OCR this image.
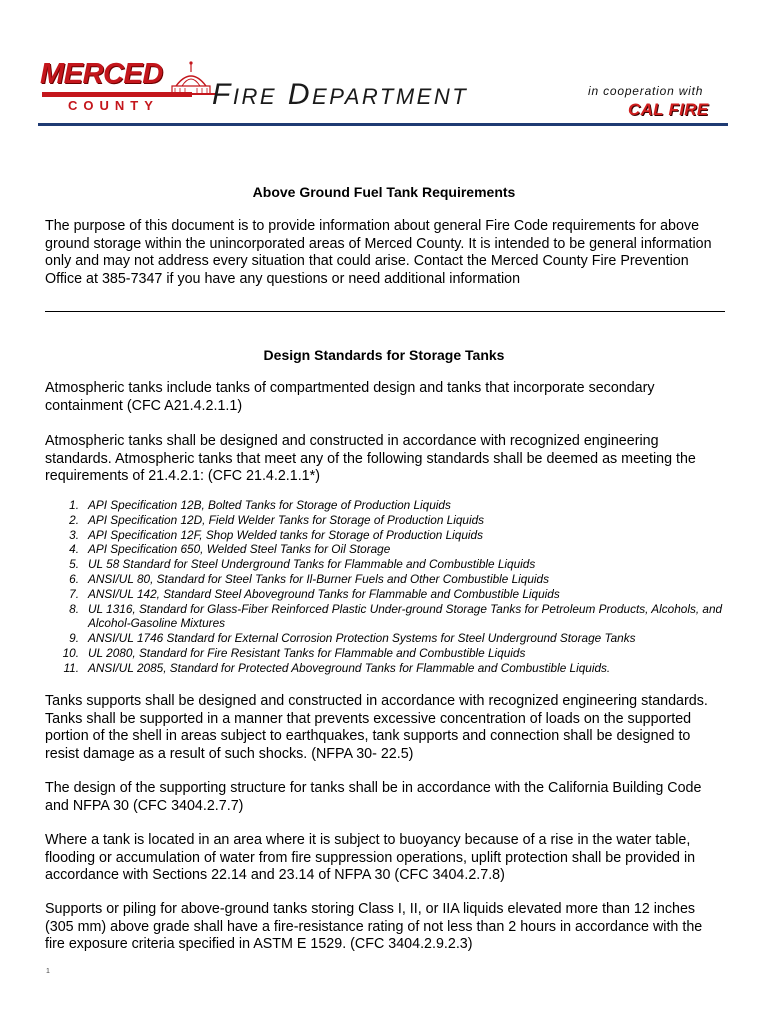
MERCED
COUNTY FIRE DEPARTMENT	in cooperation with
CAL FIRE
Above Ground Fuel Tank Requirements

The purpose of this document is to provide information about general Fire Code requirements for above ground storage within the unincorporated areas of Merced County. It is intended to be general information only and may not address every situation that could arise. Contact the Merced County Fire Prevention Office at 385-7347 if you have any questions or need additional information

Design Standards for Storage Tanks

Atmospheric tanks include tanks of compartmented design and tanks that incorporate secondary containment (CFC A21.4.2.1.1)

Atmospheric tanks shall be designed and constructed in accordance with recognized engineering standards. Atmospheric tanks that meet any of the following standards shall be deemed as meeting the requirements of 21.4.2.1: (CFC 21.4.2.1.1*)

1. API Specification 12B, Bolted Tanks for Storage of Production Liquids
2. API Specification 12D, Field Welder Tanks for Storage of Production Liquids
3. API Specification 12F, Shop Welded tanks for Storage of Production Liquids
4. API Specification 650, Welded Steel Tanks for Oil Storage
5. UL 58 Standard for Steel Underground Tanks for Flammable and Combustible Liquids
6. ANSI/UL 80, Standard for Steel Tanks for Il-Burner Fuels and Other Combustible Liquids
7. ANSI/UL 142, Standard Steel Aboveground Tanks for Flammable and Combustible Liquids
8. UL 1316, Standard for Glass-Fiber Reinforced Plastic Under-ground Storage Tanks for Petroleum Products, Alcohols, and Alcohol-Gasoline Mixtures
9. ANSI/UL 1746 Standard for External Corrosion Protection Systems for Steel Underground Storage Tanks
10. UL 2080, Standard for Fire Resistant Tanks for Flammable and Combustible Liquids
11. ANSI/UL 2085, Standard for Protected Aboveground Tanks for Flammable and Combustible Liquids.

Tanks supports shall be designed and constructed in accordance with recognized engineering standards. Tanks shall be supported in a manner that prevents excessive concentration of loads on the supported portion of the shell in areas subject to earthquakes, tank supports and connection shall be designed to resist damage as a result of such shocks. (NFPA 30- 22.5)

The design of the supporting structure for tanks shall be in accordance with the California Building Code and NFPA 30 (CFC 3404.2.7.7)

Where a tank is located in an area where it is subject to buoyancy because of a rise in the water table, flooding or accumulation of water from fire suppression operations, uplift protection shall be provided in accordance with Sections 22.14 and 23.14 of NFPA 30 (CFC 3404.2.7.8)

Supports or piling for above-ground tanks storing Class I, II, or IIA liquids elevated more than 12 inches (305 mm) above grade shall have a fire-resistance rating of not less than 2 hours in accordance with the fire exposure criteria specified in ASTM E 1529. (CFC 3404.2.9.2.3)

1
